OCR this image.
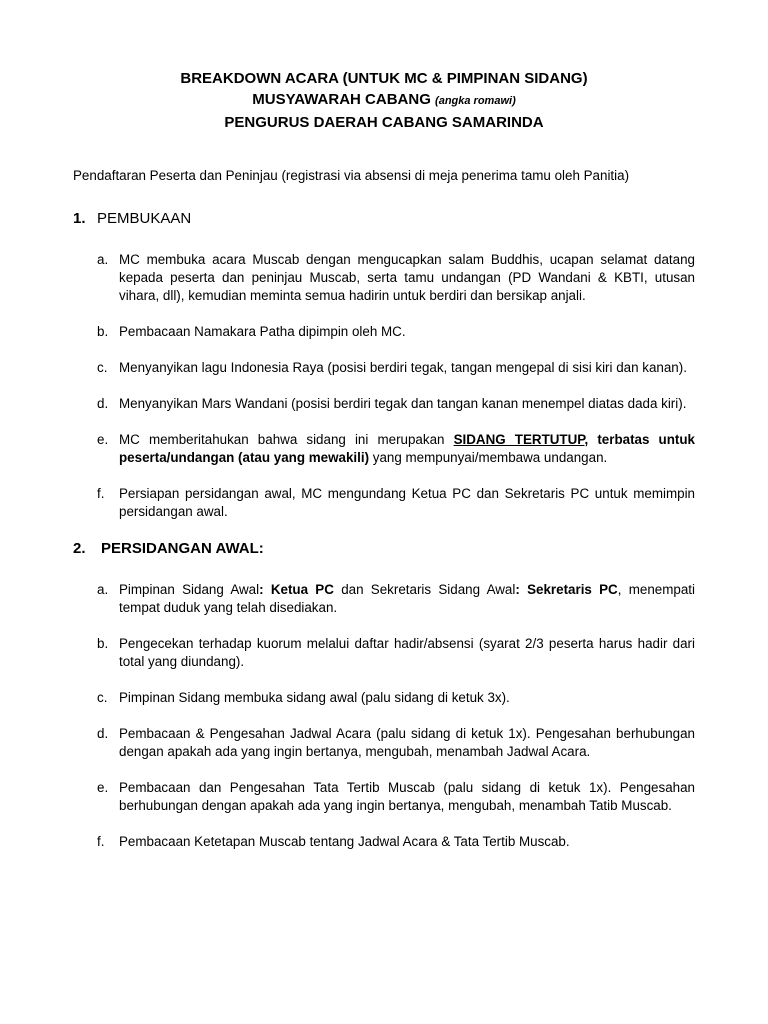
BREAKDOWN ACARA (UNTUK MC & PIMPINAN SIDANG)
MUSYAWARAH CABANG (angka romawi)
PENGURUS DAERAH CABANG SAMARINDA
Pendaftaran Peserta dan Peninjau (registrasi via absensi di meja penerima tamu oleh Panitia)
1. PEMBUKAAN
a. MC membuka acara Muscab dengan mengucapkan salam Buddhis, ucapan selamat datang kepada peserta dan peninjau Muscab, serta tamu undangan (PD Wandani & KBTI, utusan vihara, dll), kemudian meminta semua hadirin untuk berdiri dan bersikap anjali.
b. Pembacaan Namakara Patha dipimpin oleh MC.
c. Menyanyikan lagu Indonesia Raya (posisi berdiri tegak, tangan mengepal di sisi kiri dan kanan).
d. Menyanyikan Mars Wandani (posisi berdiri tegak dan tangan kanan menempel diatas dada kiri).
e. MC memberitahukan bahwa sidang ini merupakan SIDANG TERTUTUP, terbatas untuk peserta/undangan (atau yang mewakili) yang mempunyai/membawa undangan.
f.	Persiapan persidangan awal, MC mengundang Ketua PC dan Sekretaris PC untuk memimpin persidangan awal.
2.	PERSIDANGAN AWAL:
a. Pimpinan Sidang Awal: Ketua PC dan Sekretaris Sidang Awal: Sekretaris PC, menempati tempat duduk yang telah disediakan.
b. Pengecekan terhadap kuorum melalui daftar hadir/absensi (syarat 2/3 peserta harus hadir dari total yang diundang).
c. Pimpinan Sidang membuka sidang awal (palu sidang di ketuk 3x).
d. Pembacaan & Pengesahan Jadwal Acara (palu sidang di ketuk 1x). Pengesahan berhubungan dengan apakah ada yang ingin bertanya, mengubah, menambah Jadwal Acara.
e. Pembacaan dan Pengesahan Tata Tertib Muscab (palu sidang di ketuk 1x). Pengesahan berhubungan dengan apakah ada yang ingin bertanya, mengubah, menambah Tatib Muscab.
f.	Pembacaan Ketetapan Muscab tentang Jadwal Acara & Tata Tertib Muscab.
